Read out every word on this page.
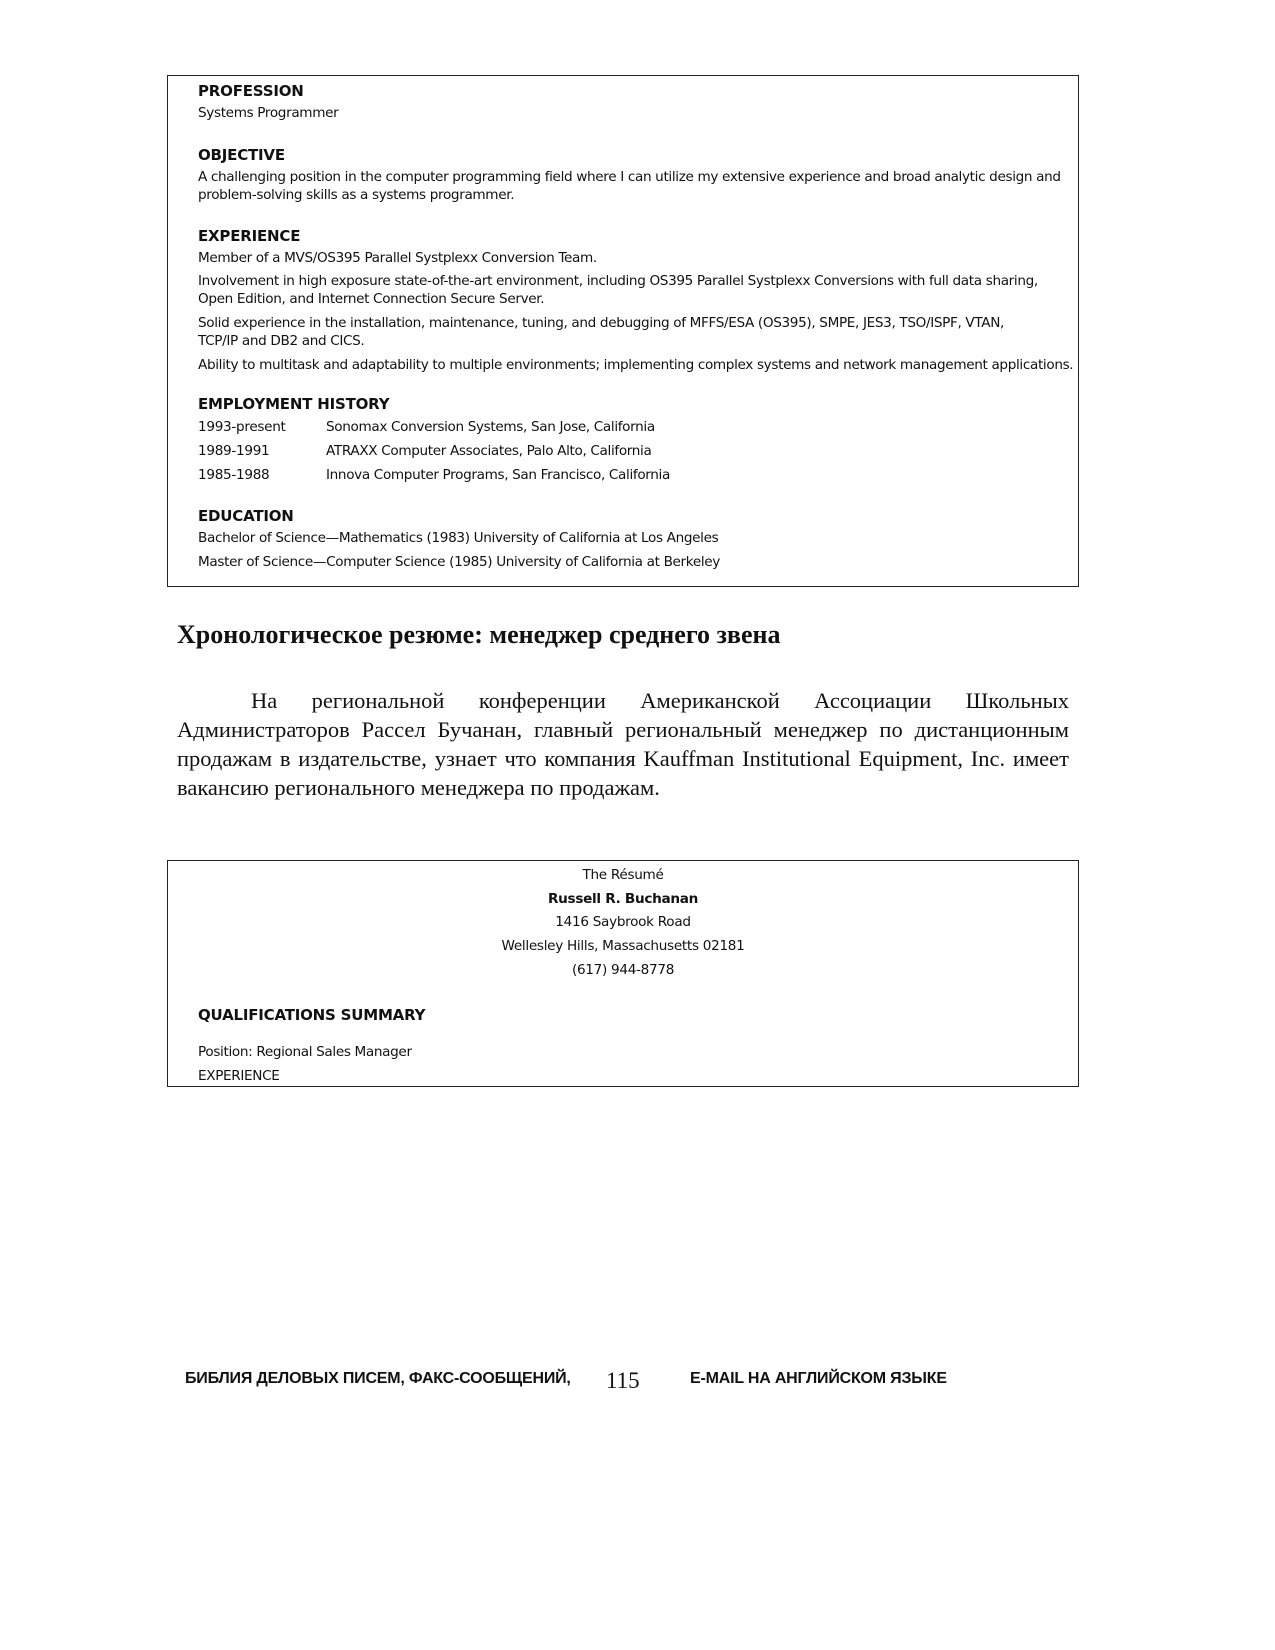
PROFESSION
Systems Programmer
OBJECTIVE
A challenging position in the computer programming field where I can utilize my extensive experience and broad analytic design and
problem-solving skills as a systems programmer.
EXPERIENCE
Member of a MVS/OS395 Parallel Systplexx Conversion Team.
Involvement in high exposure state-of-the-art environment, including OS395 Parallel Systplexx Conversions with full data sharing,
Open Edition, and Internet Connection Secure Server.
Solid experience in the installation, maintenance, tuning, and debugging of MFFS/ESA (OS395), SMPE, JES3, TSO/ISPF, VTAN,
TCP/IP and DB2 and CICS.
Ability to multitask and adaptability to multiple environments; implementing complex systems and network management applications.
EMPLOYMENT HISTORY
1993-present	Sonomax Conversion Systems, San Jose, California
1989-1991	ATRAXX Computer Associates, Palo Alto, California
1985-1988	Innova Computer Programs, San Francisco, California
EDUCATION
Bachelor of Science—Mathematics (1983) University of California at Los Angeles
Master of Science—Computer Science (1985) University of California at Berkeley
Хронологическое резюме: менеджер среднего звена

На региональной конференции Американской Ассоциации Школьных Администраторов Рассел Бучанан, главный региональный менеджер по дистанционным продажам в издательстве, узнает что компания Kauffman Institutional Equipment, Inc. имеет вакансию регионального менеджера по продажам.

The Résumé
Russell R. Buchanan
1416 Saybrook Road
Wellesley Hills, Massachusetts 02181
(617) 944-8778
QUALIFICATIONS SUMMARY
Position: Regional Sales Manager
EXPERIENCE
БИБЛИЯ ДЕЛОВЫХ ПИСЕМ, ФАКС-СООБЩЕНИЙ, 115	E-MAIL НА АНГЛИЙСКОМ ЯЗЫКЕ
